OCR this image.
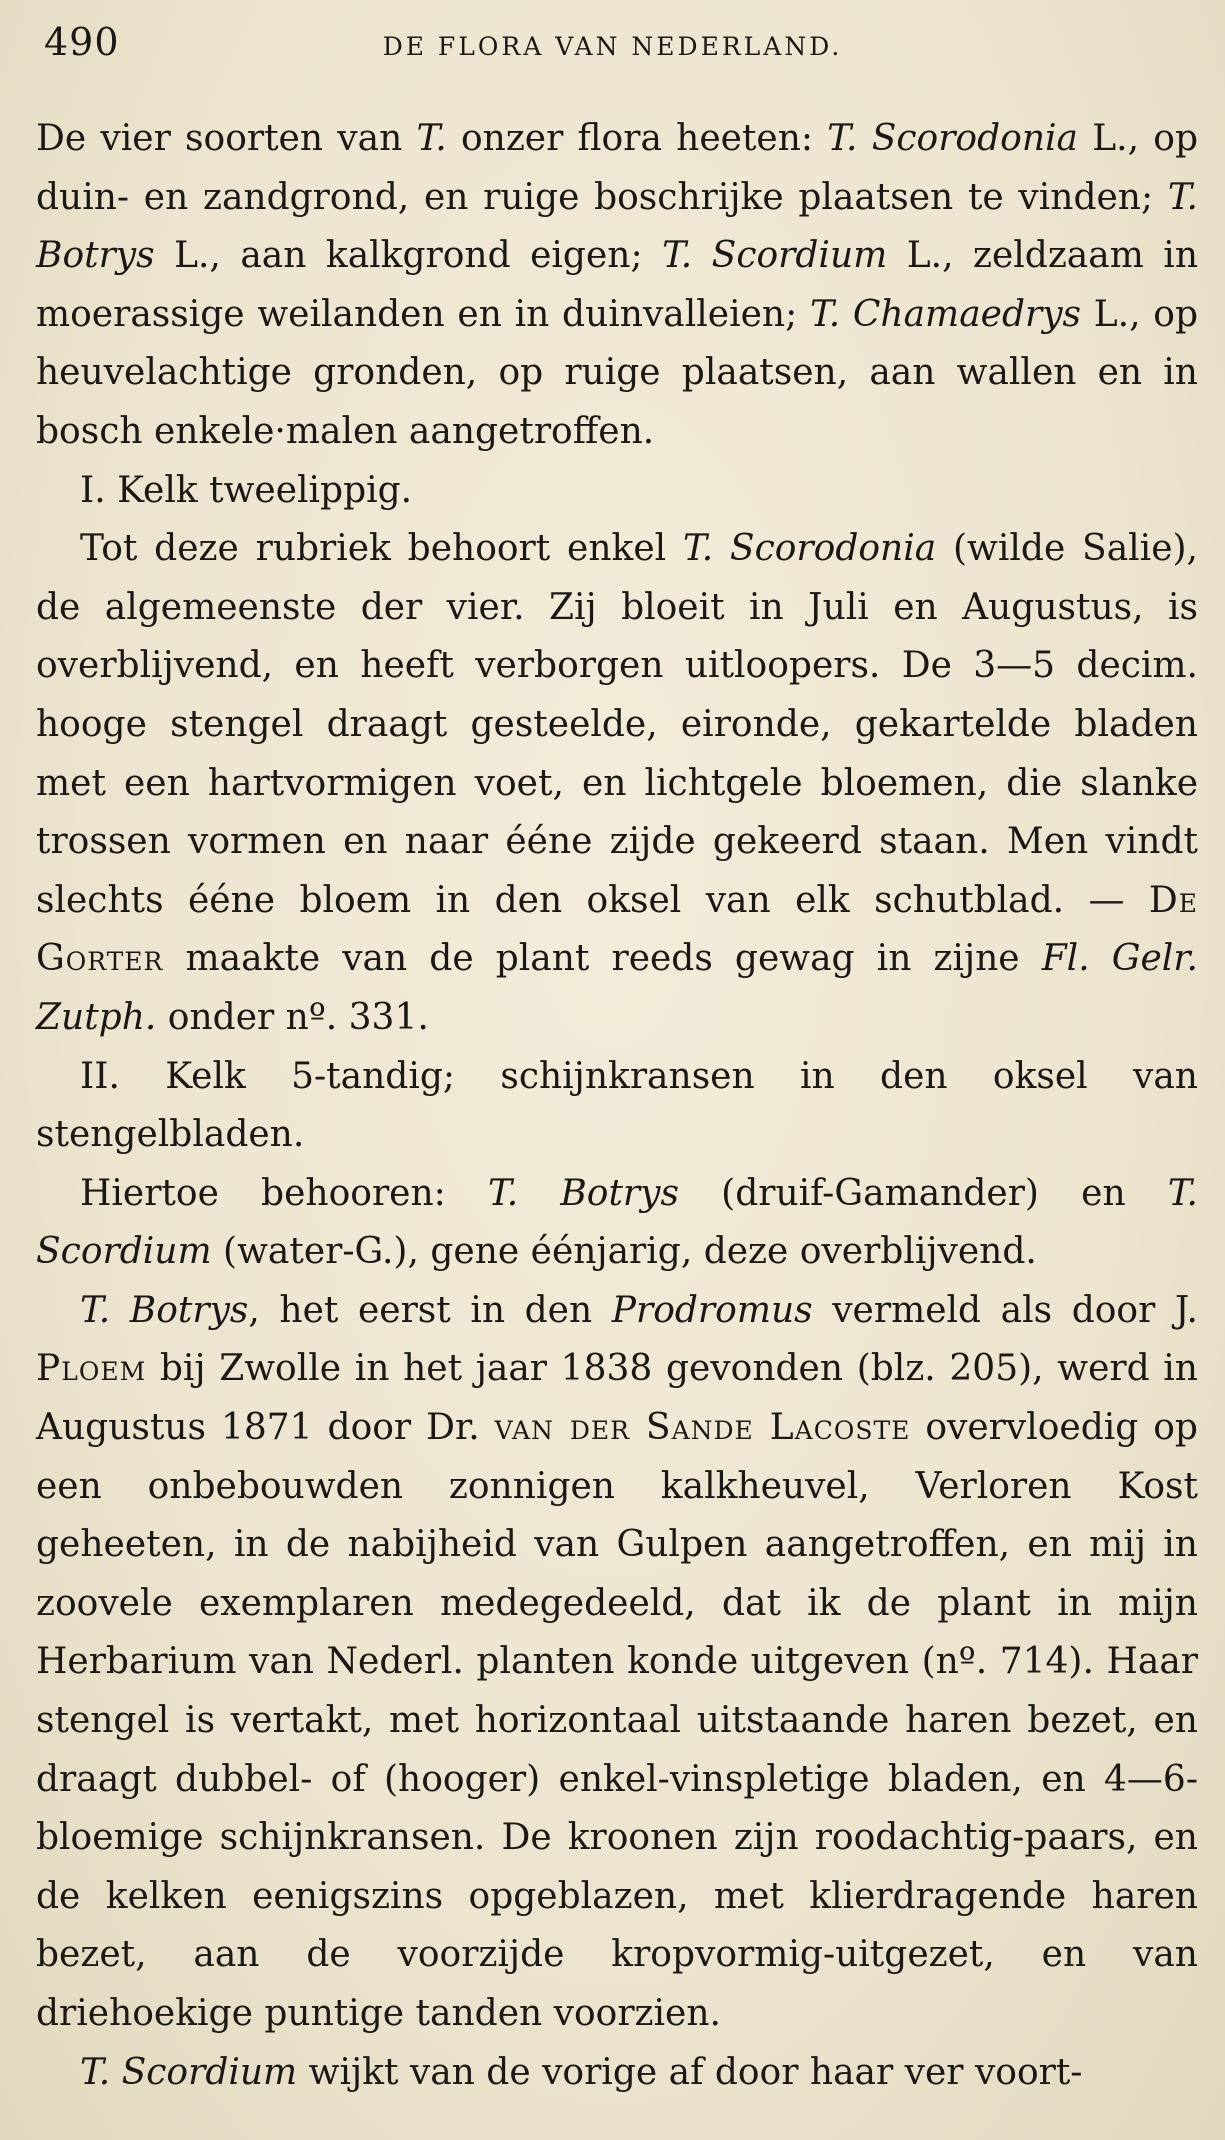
490	DE FLORA VAN NEDERLAND.

De vier soorten van T. onzer flora heeten: T. Scorodonia L., op duin- en zandgrond, en ruige boschrijke plaatsen te vinden; T. Botrys L., aan kalkgrond eigen; T. Scordium L., zeldzaam in moerassige weilanden en in duinvalleien; T. Chamaedrys L., op heuvelachtige gronden, op ruige plaatsen, aan wallen en in bosch enkele·malen aangetroffen.

I. Kelk tweelippig.

Tot deze rubriek behoort enkel T. Scorodonia (wilde Salie), de algemeenste der vier. Zij bloeit in Juli en Augustus, is overblijvend, en heeft verborgen uitloopers. De 3—5 decim. hooge stengel draagt gesteelde, eironde, gekartelde bladen met een hartvormigen voet, en lichtgele bloemen, die slanke trossen vormen en naar ééne zijde gekeerd staan. Men vindt slechts ééne bloem in den oksel van elk schutblad. — De Gorter maakte van de plant reeds gewag in zijne Fl. Gelr. Zutph. onder nº. 331.

II. Kelk 5-tandig; schijnkransen in den oksel van stengelbladen.

Hiertoe behooren: T. Botrys (druif-Gamander) en T. Scordium (water-G.), gene éénjarig, deze overblijvend.

T. Botrys, het eerst in den Prodromus vermeld als door J. Ploem bij Zwolle in het jaar 1838 gevonden (blz. 205), werd in Augustus 1871 door Dr. van der Sande Lacoste overvloedig op een onbebouwden zonnigen kalkheuvel, Verloren Kost geheeten, in de nabijheid van Gulpen aangetroffen, en mij in zoovele exemplaren medegedeeld, dat ik de plant in mijn Herbarium van Nederl. planten konde uitgeven (nº. 714). Haar stengel is vertakt, met horizontaal uitstaande haren bezet, en draagt dubbel- of (hooger) enkel-vinspletige bladen, en 4—6-bloemige schijnkransen. De kroonen zijn roodachtig-paars, en de kelken eenigszins opgeblazen, met klierdragende haren bezet, aan de voorzijde kropvormig-uitgezet, en van driehoekige puntige tanden voorzien.

T. Scordium wijkt van de vorige af door haar ver voort-
